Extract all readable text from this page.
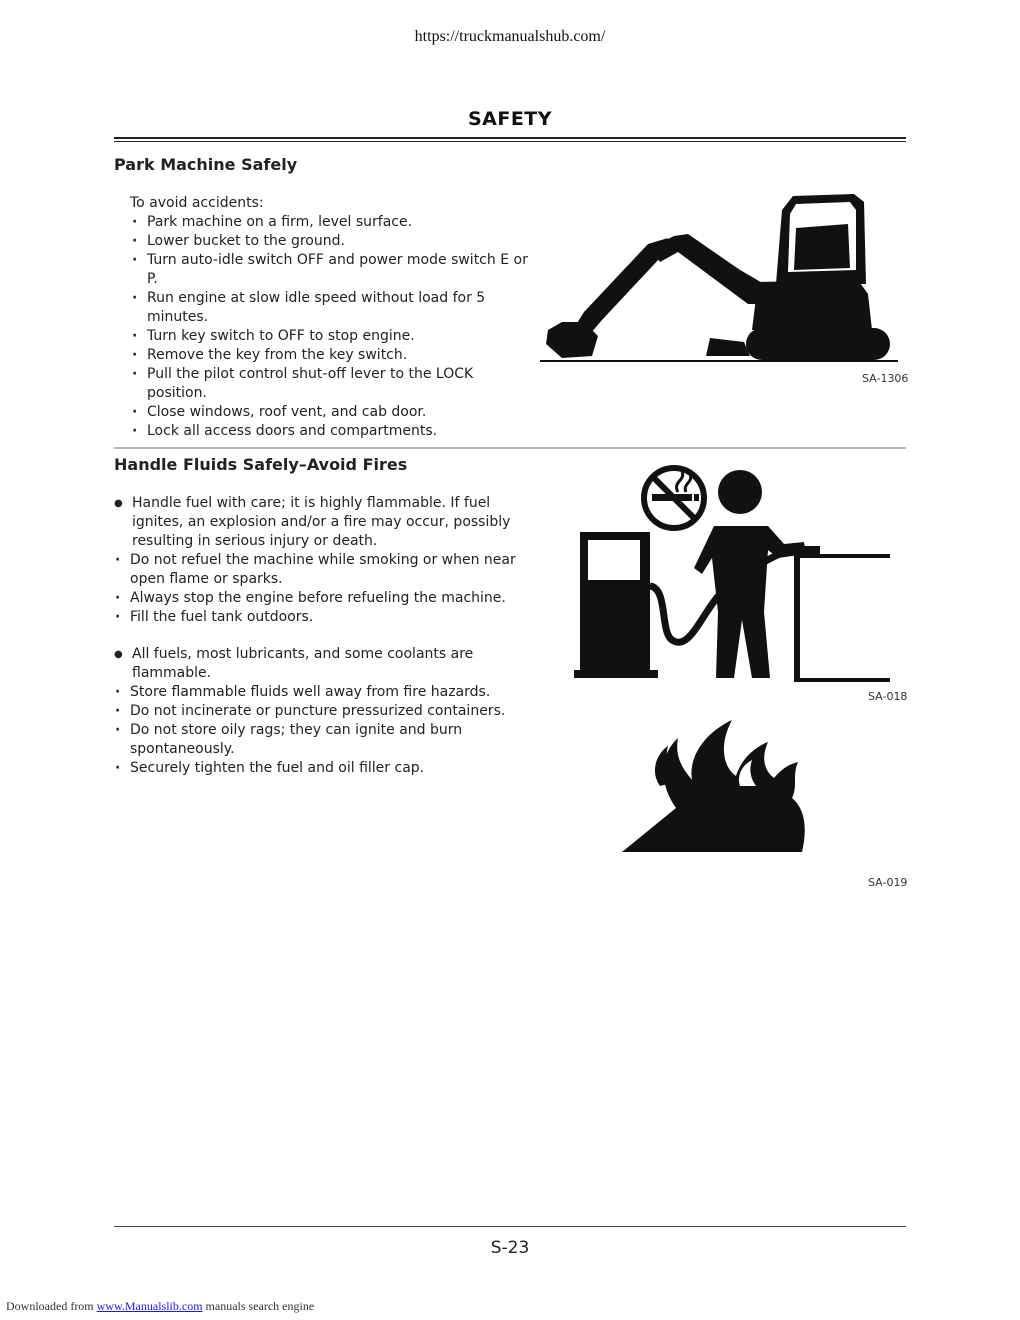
https://truckmanualshub.com/
SAFETY
Park Machine Safely

To avoid accidents:

· Park machine on a firm, level surface.

· Lower bucket to the ground.

· Turn auto-idle switch OFF and power mode switch E or P.

· Run engine at slow idle speed without load for 5 minutes.

· Turn key switch to OFF to stop engine.

· Remove the key from the key switch.

· Pull the pilot control shut-off lever to the LOCK position.

· Close windows, roof vent, and cab door.

· Lock all access doors and compartments.

SA-1306
Handle Fluids Safely–Avoid Fires

● Handle fuel with care; it is highly flammable. If fuel ignites, an explosion and/or a fire may occur, possibly resulting in serious injury or death.

· Do not refuel the machine while smoking or when near open flame or sparks.

· Always stop the engine before refueling the machine.

· Fill the fuel tank outdoors.

● All fuels, most lubricants, and some coolants are flammable.

· Store flammable fluids well away from fire hazards.

· Do not incinerate or puncture pressurized containers.

· Do not store oily rags; they can ignite and burn spontaneously.

· Securely tighten the fuel and oil filler cap.

SA-018
SA-019
S-23
Downloaded from www.Manualslib.com manuals search engine
